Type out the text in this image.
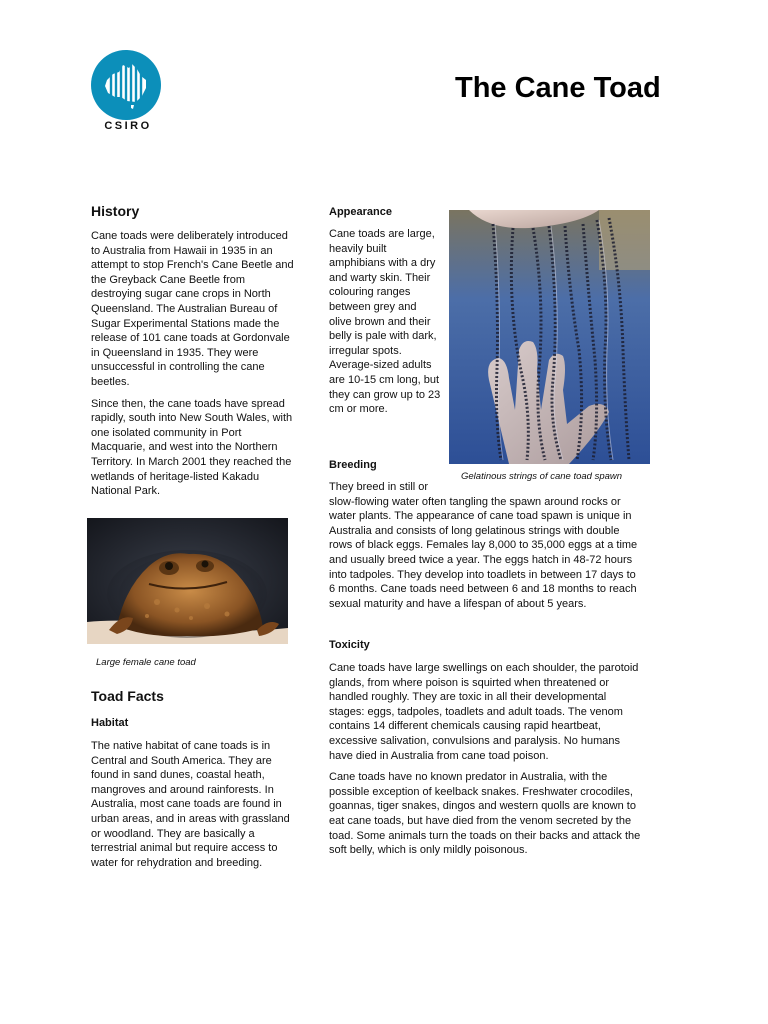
CSIRO
The Cane Toad
History

Cane toads were deliberately introduced to Australia from Hawaii in 1935 in an attempt to stop French's Cane Beetle and the Greyback Cane Beetle from destroying sugar cane crops in North Queensland. The Australian Bureau of Sugar Experimental Stations made the release of 101 cane toads at Gordonvale in Queensland in 1935. They were unsuccessful in controlling the cane beetles.

Since then, the cane toads have spread rapidly, south into New South Wales, with one isolated community in Port Macquarie, and west into the Northern Territory. In March 2001 they reached the wetlands of heritage-listed Kakadu National Park.

Large female cane toad

Toad Facts
Habitat

The native habitat of cane toads is in Central and South America. They are found in sand dunes, coastal heath, mangroves and around rainforests. In Australia, most cane toads are found in urban areas, and in areas with grassland or woodland. They are basically a terrestrial animal but require access to water for rehydration and breeding.

Appearance

Cane toads are large, heavily built amphibians with a dry and warty skin. Their colouring ranges between grey and olive brown and their belly is pale with dark, irregular spots. Average-sized adults are 10-15 cm long, but they can grow up to 23 cm or more.

Gelatinous strings of cane toad spawn

Breeding

They breed in still or

slow-flowing water often tangling the spawn around rocks or water plants. The appearance of cane toad spawn is unique in Australia and consists of long gelatinous strings with double rows of black eggs. Females lay 8,000 to 35,000 eggs at a time and usually breed twice a year. The eggs hatch in 48-72 hours into tadpoles. They develop into toadlets in between 17 days to 6 months. Cane toads need between 6 and 18 months to reach sexual maturity and have a lifespan of about 5 years.

Toxicity

Cane toads have large swellings on each shoulder, the parotoid glands, from where poison is squirted when threatened or handled roughly. They are toxic in all their developmental stages: eggs, tadpoles, toadlets and adult toads. The venom contains 14 different chemicals causing rapid heartbeat, excessive salivation, convulsions and paralysis. No humans have died in Australia from cane toad poison.

Cane toads have no known predator in Australia, with the possible exception of keelback snakes. Freshwater crocodiles, goannas, tiger snakes, dingos and western quolls are known to eat cane toads, but have died from the venom secreted by the toad. Some animals turn the toads on their backs and attack the soft belly, which is only mildly poisonous.
